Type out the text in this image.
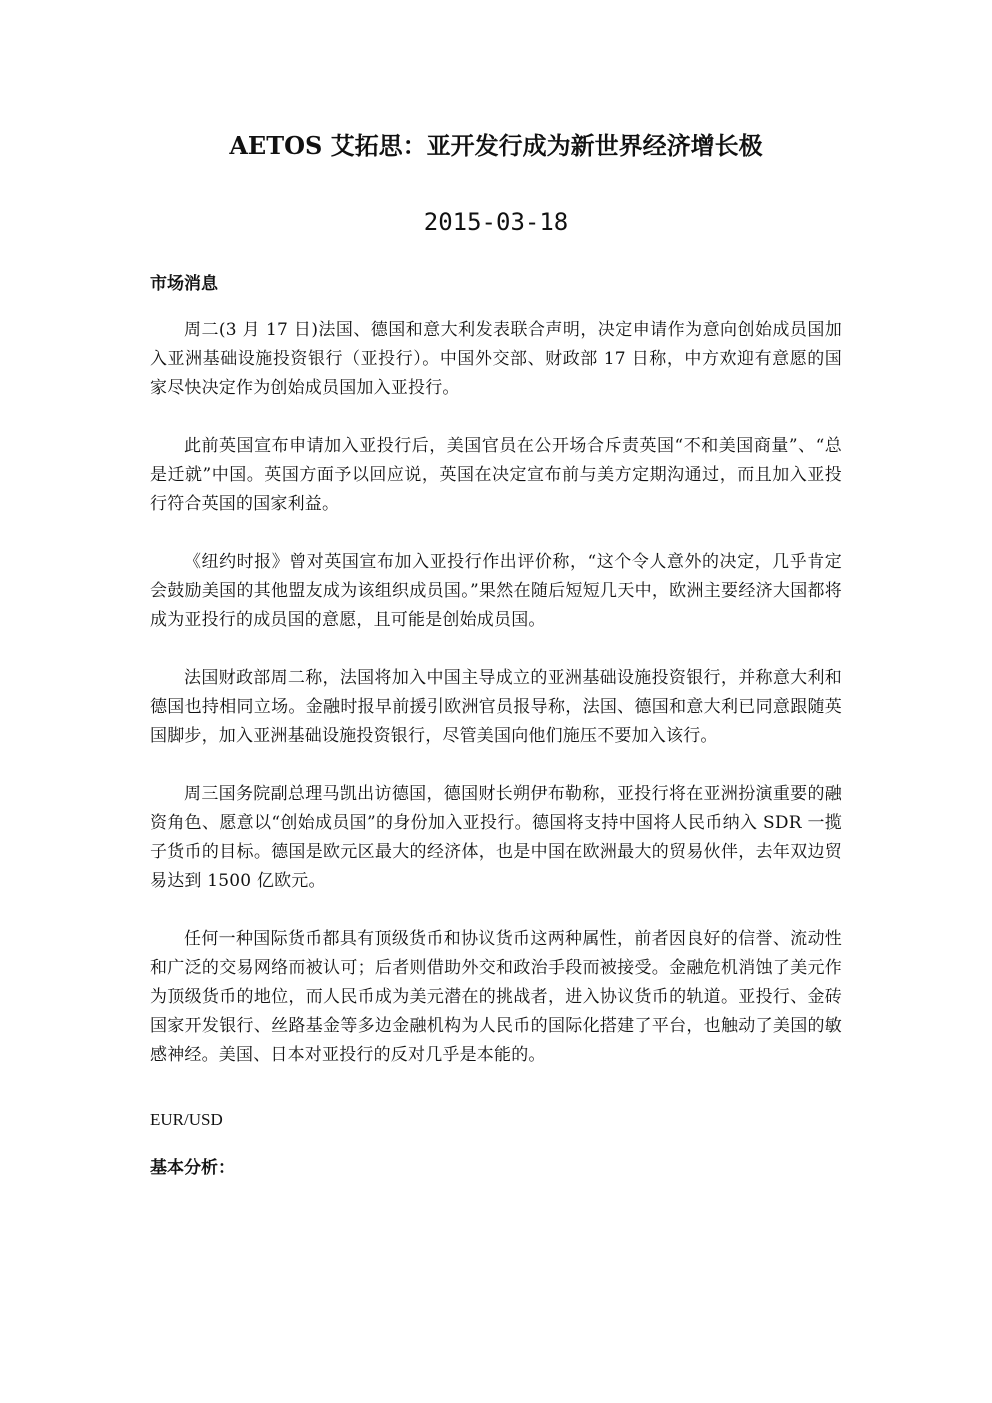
AETOS 艾拓思：亚开发行成为新世界经济增长极
2015-03-18

市场消息

周二(3 月 17 日)法国、德国和意大利发表联合声明，决定申请作为意向创始成员国加入亚洲基础设施投资银行（亚投行）。中国外交部、财政部 17 日称，中方欢迎有意愿的国家尽快决定作为创始成员国加入亚投行。

此前英国宣布申请加入亚投行后，美国官员在公开场合斥责英国“不和美国商量”、“总是迁就”中国。英国方面予以回应说，英国在决定宣布前与美方定期沟通过，而且加入亚投行符合英国的国家利益。

《纽约时报》曾对英国宣布加入亚投行作出评价称，“这个令人意外的决定，几乎肯定会鼓励美国的其他盟友成为该组织成员国。”果然在随后短短几天中，欧洲主要经济大国都将成为亚投行的成员国的意愿，且可能是创始成员国。

法国财政部周二称，法国将加入中国主导成立的亚洲基础设施投资银行，并称意大利和德国也持相同立场。金融时报早前援引欧洲官员报导称，法国、德国和意大利已同意跟随英国脚步，加入亚洲基础设施投资银行，尽管美国向他们施压不要加入该行。

周三国务院副总理马凯出访德国，德国财长朔伊布勒称，亚投行将在亚洲扮演重要的融资角色、愿意以“创始成员国”的身份加入亚投行。德国将支持中国将人民币纳入 SDR 一揽子货币的目标。德国是欧元区最大的经济体，也是中国在欧洲最大的贸易伙伴，去年双边贸易达到 1500 亿欧元。

任何一种国际货币都具有顶级货币和协议货币这两种属性，前者因良好的信誉、流动性和广泛的交易网络而被认可；后者则借助外交和政治手段而被接受。金融危机消蚀了美元作为顶级货币的地位，而人民币成为美元潜在的挑战者，进入协议货币的轨道。亚投行、金砖国家开发银行、丝路基金等多边金融机构为人民币的国际化搭建了平台，也触动了美国的敏感神经。美国、日本对亚投行的反对几乎是本能的。

EUR/USD

基本分析：
